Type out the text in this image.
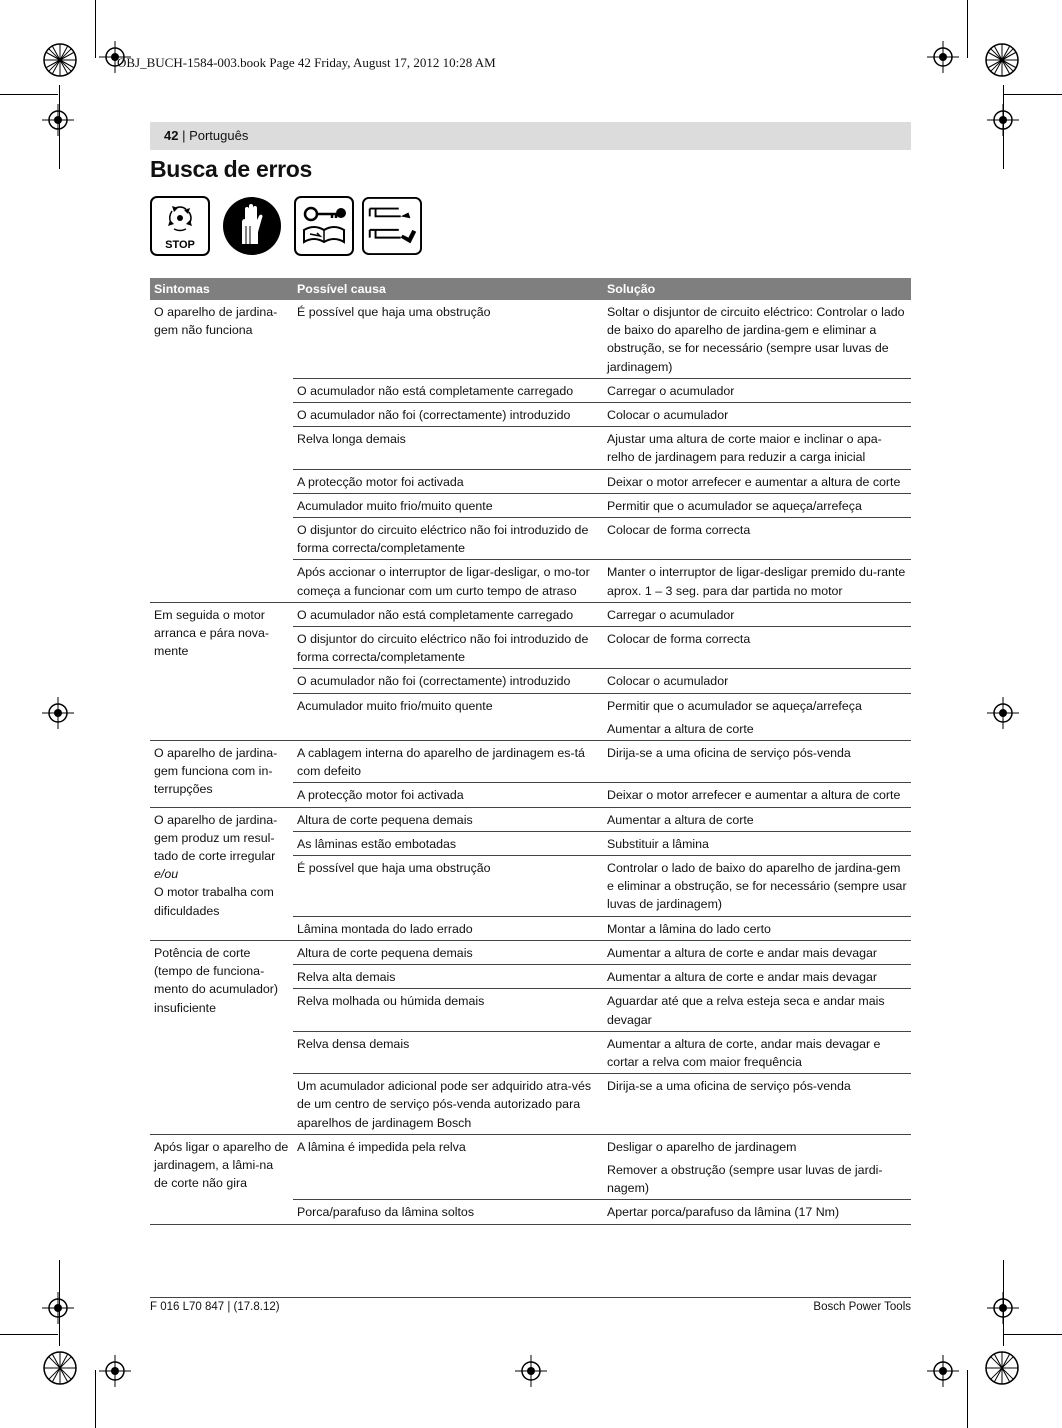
OBJ_BUCH-1584-003.book Page 42 Friday, August 17, 2012 10:28 AM
42 | Português
Busca de erros
STOP
Sintomas	Possível causa	Solução
O aparelho de jardina-gem não funciona	É possível que haja uma obstrução	Soltar o disjuntor de circuito eléctrico: Controlar o lado de baixo do aparelho de jardina-gem e eliminar a obstrução, se for necessário (sempre usar luvas de jardinagem)
	O acumulador não está completamente carregado	Carregar o acumulador
	O acumulador não foi (correctamente) introduzido	Colocar o acumulador
	Relva longa demais	Ajustar uma altura de corte maior e inclinar o apa-relho de jardinagem para reduzir a carga inicial
	A protecção motor foi activada	Deixar o motor arrefecer e aumentar a altura de corte
	Acumulador muito frio/muito quente	Permitir que o acumulador se aqueça/arrefeça
	O disjuntor do circuito eléctrico não foi introduzido de forma correcta/completamente	Colocar de forma correcta
	Após accionar o interruptor de ligar-desligar, o mo-tor começa a funcionar com um curto tempo de atraso	Manter o interruptor de ligar-desligar premido du-rante aprox. 1 – 3 seg. para dar partida no motor
Em seguida o motor arranca e pára nova-mente	O acumulador não está completamente carregado	Carregar o acumulador
	O disjuntor do circuito eléctrico não foi introduzido de forma correcta/completamente	Colocar de forma correcta
	O acumulador não foi (correctamente) introduzido	Colocar o acumulador
	Acumulador muito frio/muito quente	Permitir que o acumulador se aqueça/arrefeça
		Aumentar a altura de corte
O aparelho de jardina-gem funciona com in-terrupções	A cablagem interna do aparelho de jardinagem es-tá com defeito	Dirija-se a uma oficina de serviço pós-venda
	A protecção motor foi activada	Deixar o motor arrefecer e aumentar a altura de corte

O aparelho de jardina-gem produz um resul-tado de corte irregular
e/ou
O motor trabalha com dificuldades	Altura de corte pequena demais	Aumentar a altura de corte
	As lâminas estão embotadas	Substituir a lâmina
	É possível que haja uma obstrução	Controlar o lado de baixo do aparelho de jardina-gem e eliminar a obstrução, se for necessário (sempre usar luvas de jardinagem)
	Lâmina montada do lado errado	Montar a lâmina do lado certo
Potência de corte (tempo de funciona-mento do acumulador) insuficiente	Altura de corte pequena demais	Aumentar a altura de corte e andar mais devagar
	Relva alta demais	Aumentar a altura de corte e andar mais devagar
	Relva molhada ou húmida demais	Aguardar até que a relva esteja seca e andar mais devagar
	Relva densa demais	Aumentar a altura de corte, andar mais devagar e cortar a relva com maior frequência
	Um acumulador adicional pode ser adquirido atra-vés de um centro de serviço pós-venda autorizado para aparelhos de jardinagem Bosch	Dirija-se a uma oficina de serviço pós-venda
Após ligar o aparelho de jardinagem, a lâmi-na de corte não gira	A lâmina é impedida pela relva	Desligar o aparelho de jardinagem
		Remover a obstrução (sempre usar luvas de jardi-nagem)
	Porca/parafuso da lâmina soltos	Apertar porca/parafuso da lâmina (17 Nm)
F 016 L70 847 | (17.8.12)	Bosch Power Tools
